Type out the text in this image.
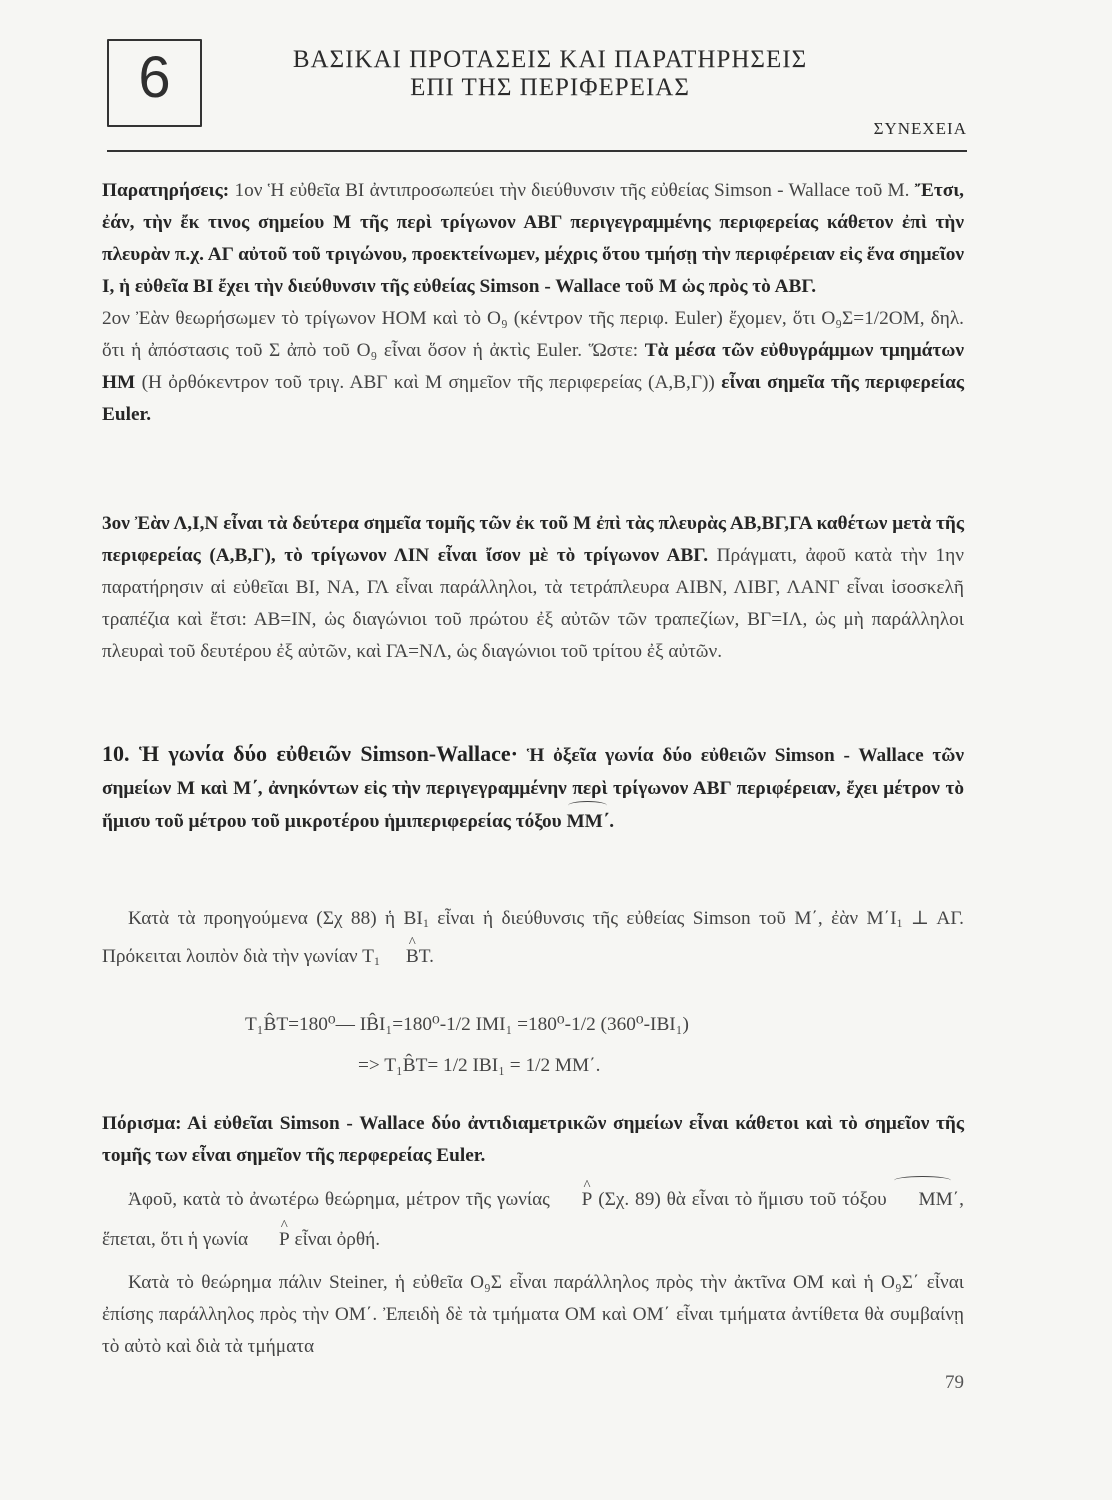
6	ΒΑΣΙΚΑΙ ΠΡΟΤΑΣΕΙΣ ΚΑΙ ΠΑΡΑΤΗΡΗΣΕΙΣ
ΕΠΙ ΤΗΣ ΠΕΡΙΦΕΡΕΙΑΣ
ΣΥΝΕΧΕΙΑ
Παρατηρήσεις: 1ον Ἡ εὐθεῖα BI ἀντιπροσωπεύει τὴν διεύθυνσιν τῆς εὐθείας Simson - Wallace τοῦ Μ. Ἔτσι, ἐάν, τὴν ἔκ τινος σημείου Μ τῆς περὶ τρίγωνον ΑΒΓ περιγεγραμμένης περιφερείας κάθετον ἐπὶ τὴν πλευρὰν π.χ. ΑΓ αὐτοῦ τοῦ τριγώνου, προεκτείνωμεν, μέχρις ὅτου τμήσῃ τὴν περιφέρειαν εἰς ἕνα σημεῖον Ι, ἡ εὐθεῖα ΒΙ ἔχει τὴν διεύθυνσιν τῆς εὐθείας Simson - Wallace τοῦ Μ ὡς πρὸς τὸ ΑΒΓ.
2ον Ἐὰν θεωρήσωμεν τὸ τρίγωνον ΗΟΜ καὶ τὸ Ο₉ (κέντρον τῆς περιφ. Euler) ἔχομεν, ὅτι Ο₉Σ=1/2ΟΜ, δηλ. ὅτι ἡ ἀπόστασις τοῦ Σ ἀπὸ τοῦ Ο₉ εἶναι ὅσον ἡ ἀκτὶς Euler. Ὥστε: Τὰ μέσα τῶν εὐθυγράμμων τμημάτων ΗΜ (Η ὀρθόκεντρον τοῦ τριγ. ΑΒΓ καὶ Μ σημεῖον τῆς περιφερείας (Α,Β,Γ)) εἶναι σημεῖα τῆς περιφερείας Euler.
3ον Ἐὰν Λ,Ι,Ν εἶναι τὰ δεύτερα σημεῖα τομῆς τῶν ἐκ τοῦ Μ ἐπὶ τὰς πλευρὰς ΑΒ,ΒΓ,ΓΑ καθέτων μετὰ τῆς περιφερείας (Α,Β,Γ), τὸ τρίγωνον ΛΙΝ εἶναι ἴσον μὲ τὸ τρίγωνον ΑΒΓ. Πράγματι, ἀφοῦ κατὰ τὴν 1ην παρατήρησιν αἱ εὐθεῖαι ΒΙ, ΝΑ, ΓΛ εἶναι παράλληλοι, τὰ τετράπλευρα ΑΙΒΝ, ΛΙΒΓ, ΛΑΝΓ εἶναι ἰσοσκελῆ τραπέζια καὶ ἔτσι: ΑΒ=ΙΝ, ὡς διαγώνιοι τοῦ πρώτου ἐξ αὐτῶν τῶν τραπεζίων, ΒΓ=ΙΛ, ὡς μὴ παράλληλοι πλευραὶ τοῦ δευτέρου ἐξ αὐτῶν, καὶ ΓΑ=ΝΛ, ὡς διαγώνιοι τοῦ τρίτου ἐξ αὐτῶν.
10. Ἡ γωνία δύο εὐθειῶν Simson-Wallace· Ἡ ὀξεῖα γωνία δύο εὐθειῶν Simson - Wallace τῶν σημείων Μ καὶ Μ΄, ἀνηκόντων εἰς τὴν περιγεγραμμένην περὶ τρίγωνον ΑΒΓ περιφέρειαν, ἔχει μέτρον τὸ ἥμισυ τοῦ μέτρου τοῦ μικροτέρου ἡμιπεριφερείας τόξου ΜΜ΄.
Κατὰ τὰ προηγούμενα (Σχ 88) ἡ $BI_1$ εἶναι ἡ διεύθυνσις τῆς εὐθείας Simson τοῦ Μ΄, ἐὰν $M΄I_1$ ⊥ ΑΓ. Πρόκειται λοιπὸν διὰ τὴν γωνίαν $T_1\^{}$ BT.
T₁B̂T=180⁰— IB̂I₁=180⁰-1/2 IMI₁ =180⁰-1/2 (360⁰-IBI₁)
=> T₁B̂T= 1/2 IBI₁ = 1/2 MM΄.
Πόρισμα: Αἱ εὐθεῖαι Simson - Wallace δύο ἀντιδιαμετρικῶν σημείων εἶναι κάθετοι καὶ τὸ σημεῖον τῆς τομῆς των εἶναι σημεῖον τῆς περφερείας Euler.
Ἀφοῦ, κατὰ τὸ ἀνωτέρω θεώρημα, μέτρον τῆς γωνίας ^ P (Σχ. 89) θὰ εἶναι τὸ ἥμισυ τοῦ τόξου ΜΜ΄, ἕπεται, ὅτι ἡ γωνία ^ P εἶναι ὀρθή.
Κατὰ τὸ θεώρημα πάλιν Steiner, ἡ εὐθεῖα Ο₉Σ εἶναι παράλληλος πρὸς τὴν ἀκτῖνα ΟΜ καὶ ἡ Ο₉Σ΄ εἶναι ἐπίσης παράλληλος πρὸς τὴν ΟΜ΄. Ἐπειδὴ δὲ τὰ τμήματα ΟΜ καὶ ΟΜ΄ εἶναι τμήματα ἀντίθετα θὰ συμβαίνῃ τὸ αὐτὸ καὶ διὰ τὰ τμήματα
79
